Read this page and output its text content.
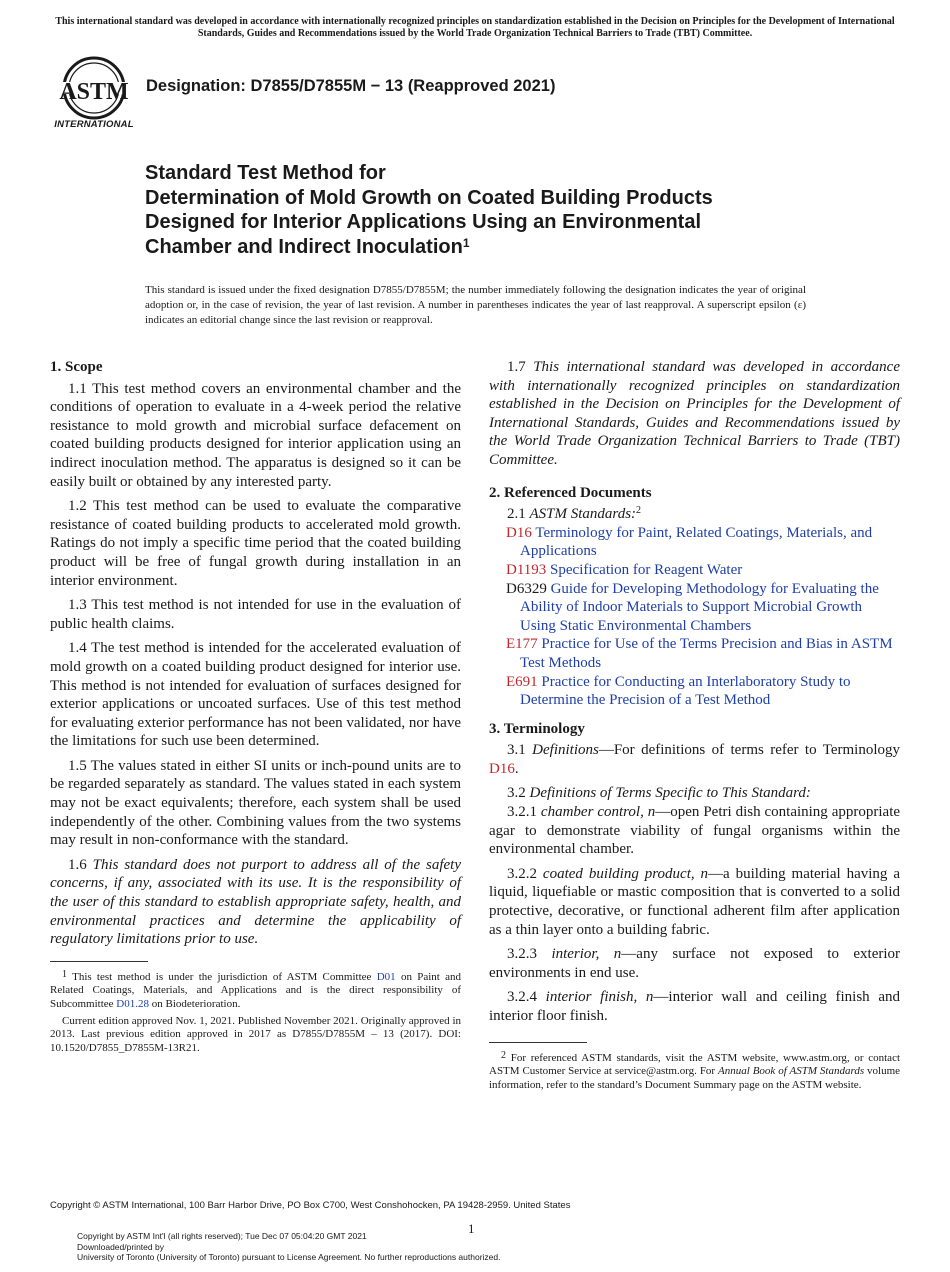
This international standard was developed in accordance with internationally recognized principles on standardization established in the Decision on Principles for the Development of International Standards, Guides and Recommendations issued by the World Trade Organization Technical Barriers to Trade (TBT) Committee.
ASTM
INTERNATIONAL
Designation: D7855/D7855M − 13 (Reapproved 2021)
Standard Test Method for
Determination of Mold Growth on Coated Building Products
Designed for Interior Applications Using an Environmental
Chamber and Indirect Inoculation$^1$
This standard is issued under the fixed designation D7855/D7855M; the number immediately following the designation indicates the year of original adoption or, in the case of revision, the year of last revision. A number in parentheses indicates the year of last reapproval. A superscript epsilon (ε) indicates an editorial change since the last revision or reapproval.
1. Scope

1.1 This test method covers an environmental chamber and the conditions of operation to evaluate in a 4-week period the relative resistance to mold growth and microbial surface defacement on coated building products designed for interior application using an indirect inoculation method. The apparatus is designed so it can be easily built or obtained by any interested party.

1.2 This test method can be used to evaluate the comparative resistance of coated building products to accelerated mold growth. Ratings do not imply a specific time period that the coated building product will be free of fungal growth during installation in an interior environment.

1.3 This test method is not intended for use in the evaluation of public health claims.

1.4 The test method is intended for the accelerated evaluation of mold growth on a coated building product designed for interior use. This method is not intended for evaluation of surfaces designed for exterior applications or uncoated surfaces. Use of this test method for evaluating exterior performance has not been validated, nor have the limitations for such use been determined.

1.5 The values stated in either SI units or inch-pound units are to be regarded separately as standard. The values stated in each system may not be exact equivalents; therefore, each system shall be used independently of the other. Combining values from the two systems may result in non-conformance with the standard.

1.6 This standard does not purport to address all of the safety concerns, if any, associated with its use. It is the responsibility of the user of this standard to establish appropriate safety, health, and environmental practices and determine the applicability of regulatory limitations prior to use.

1 This test method is under the jurisdiction of ASTM Committee D01 on Paint and Related Coatings, Materials, and Applications and is the direct responsibility of Subcommittee D01.28 on Biodeterioration.

Current edition approved Nov. 1, 2021. Published November 2021. Originally approved in 2013. Last previous edition approved in 2017 as D7855/D7855M – 13 (2017). DOI: 10.1520/D7855_D7855M-13R21.

1.7 This international standard was developed in accordance with internationally recognized principles on standardization established in the Decision on Principles for the Development of International Standards, Guides and Recommendations issued by the World Trade Organization Technical Barriers to Trade (TBT) Committee.

2. Referenced Documents

2.1 ASTM Standards:$^2$

D16 Terminology for Paint, Related Coatings, Materials, and Applications
D1193 Specification for Reagent Water
D6329 Guide for Developing Methodology for Evaluating the Ability of Indoor Materials to Support Microbial Growth Using Static Environmental Chambers
E177 Practice for Use of the Terms Precision and Bias in ASTM Test Methods
E691 Practice for Conducting an Interlaboratory Study to Determine the Precision of a Test Method
3. Terminology

3.1 Definitions—For definitions of terms refer to Terminology D16.

3.2 Definitions of Terms Specific to This Standard:

3.2.1 chamber control, n—open Petri dish containing appropriate agar to demonstrate viability of fungal organisms within the environmental chamber.

3.2.2 coated building product, n—a building material having a liquid, liquefiable or mastic composition that is converted to a solid protective, decorative, or functional adherent film after application as a thin layer onto a building fabric.

3.2.3 interior, n—any surface not exposed to exterior environments in end use.

3.2.4 interior finish, n—interior wall and ceiling finish and interior floor finish.

2 For referenced ASTM standards, visit the ASTM website, www.astm.org, or contact ASTM Customer Service at service@astm.org. For Annual Book of ASTM Standards volume information, refer to the standard’s Document Summary page on the ASTM website.

Copyright © ASTM International, 100 Barr Harbor Drive, PO Box C700, West Conshohocken, PA 19428-2959. United States
1
Copyright by ASTM Int'l (all rights reserved); Tue Dec 07 05:04:20 GMT 2021
Downloaded/printed by
University of Toronto (University of Toronto) pursuant to License Agreement. No further reproductions authorized.
